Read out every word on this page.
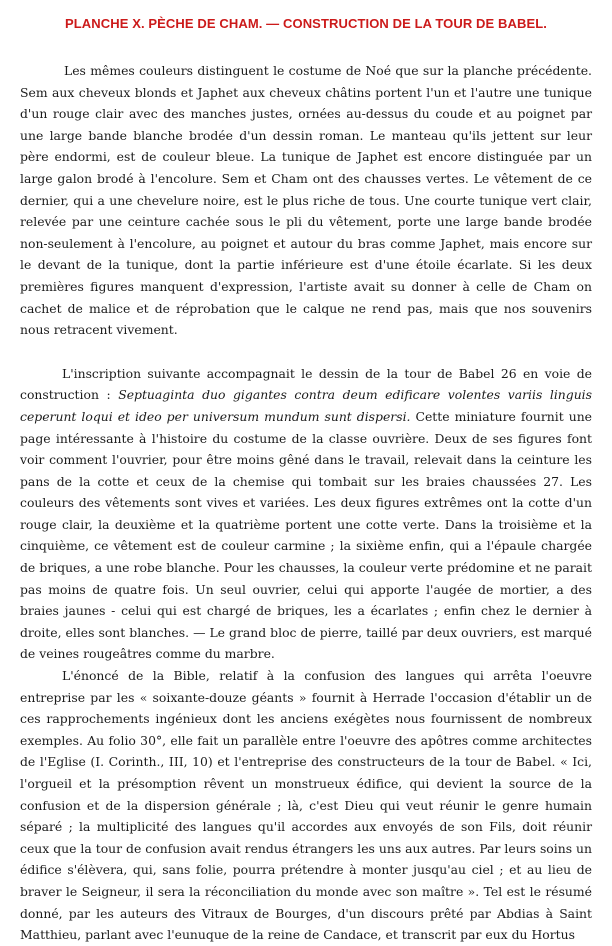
PLANCHE X. PÈCHE DE CHAM. — CONSTRUCTION DE LA TOUR DE BABEL.

Les mêmes couleurs distinguent le costume de Noé que sur la planche précédente. Sem aux cheveux blonds et Japhet aux cheveux châtins portent l'un et l'autre une tunique d'un rouge clair avec des manches justes, ornées au-dessus du coude et au poignet par une large bande blanche brodée d'un dessin roman. Le manteau qu'ils jettent sur leur père endormi, est de couleur bleue. La tunique de Japhet est encore distinguée par un large galon brodé à l'encolure. Sem et Cham ont des chausses vertes. Le vêtement de ce dernier, qui a une chevelure noire, est le plus riche de tous. Une courte tunique vert clair, relevée par une ceinture cachée sous le pli du vêtement, porte une large bande brodée non-seulement à l'encolure, au poignet et autour du bras comme Japhet, mais encore sur le devant de la tunique, dont la partie inférieure est d'une étoile écarlate. Si les deux premières figures manquent d'expression, l'artiste avait su donner à celle de Cham on cachet de malice et de réprobation que le calque ne rend pas, mais que nos souvenirs nous retracent vivement.

L'inscription suivante accompagnait le dessin de la tour de Babel 26 en voie de construction : Septuaginta duo gigantes contra deum edificare volentes variis linguis ceperunt loqui et ideo per universum mundum sunt dispersi. Cette miniature fournit une page intéressante à l'histoire du costume de la classe ouvrière. Deux de ses figures font voir comment l'ouvrier, pour être moins gêné dans le travail, relevait dans la ceinture les pans de la cotte et ceux de la chemise qui tombait sur les braies chaussées 27. Les couleurs des vêtements sont vives et variées. Les deux figures extrêmes ont la cotte d'un rouge clair, la deuxième et la quatrième portent une cotte verte. Dans la troisième et la cinquième, ce vêtement est de couleur carmine ; la sixième enfin, qui a l'épaule chargée de briques, a une robe blanche. Pour les chausses, la couleur verte prédomine et ne parait pas moins de quatre fois. Un seul ouvrier, celui qui apporte l'augée de mortier, a des braies jaunes - celui qui est chargé de briques, les a écarlates ; enfin chez le dernier à droite, elles sont blanches. — Le grand bloc de pierre, taillé par deux ouvriers, est marqué de veines rougeâtres comme du marbre.

L'énoncé de la Bible, relatif à la confusion des langues qui arrêta l'oeuvre entreprise par les « soixante-douze géants » fournit à Herrade l'occasion d'établir un de ces rapprochements ingénieux dont les anciens exégètes nous fournissent de nombreux exemples. Au folio 30°, elle fait un parallèle entre l'oeuvre des apôtres comme architectes de l'Eglise (I. Corinth., III, 10) et l'entreprise des constructeurs de la tour de Babel. « Ici, l'orgueil et la présomption rêvent un monstrueux édifice, qui devient la source de la confusion et de la dispersion générale ; là, c'est Dieu qui veut réunir le genre humain séparé ; la multiplicité des langues qu'il accordes aux envoyés de son Fils, doit réunir ceux que la tour de confusion avait rendus étrangers les uns aux autres. Par leurs soins un édifice s'élèvera, qui, sans folie, pourra prétendre à monter jusqu'au ciel ; et au lieu de braver le Seigneur, il sera la réconciliation du monde avec son maître ». Tel est le résumé donné, par les auteurs des Vitraux de Bourges, d'un discours prêté par Abdias à Saint Matthieu, parlant avec l'eunuque de la reine de Candace, et transcrit par eux du Hortus
